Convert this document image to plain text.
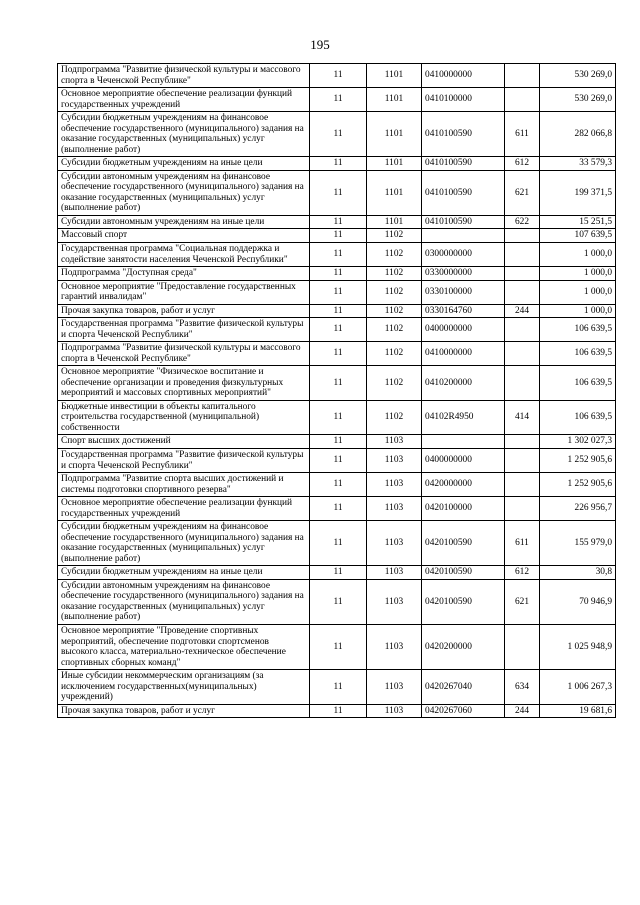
195
Подпрограмма "Развитие физической культуры и массового спорта в Чеченской Республике"	11	1101	0410000000		530 269,0
Основное мероприятие обеспечение реализации функций государственных учреждений	11	1101	0410100000		530 269,0
Субсидии бюджетным учреждениям на финансовое обеспечение государственного (муниципального) задания на оказание государственных (муниципальных) услуг (выполнение работ)	11	1101	0410100590	611	282 066,8
Субсидии бюджетным учреждениям на иные цели	11	1101	0410100590	612	33 579,3
Субсидии автономным учреждениям на финансовое обеспечение государственного (муниципального) задания на оказание государственных (муниципальных) услуг (выполнение работ)	11	1101	0410100590	621	199 371,5
Субсидии автономным учреждениям на иные цели	11	1101	0410100590	622	15 251,5
Массовый спорт	11	1102			107 639,5
Государственная программа "Социальная поддержка и содействие занятости населения Чеченской Республики"	11	1102	0300000000		1 000,0
Подпрограмма "Доступная среда"	11	1102	0330000000		1 000,0
Основное мероприятие "Предоставление государственных гарантий инвалидам"	11	1102	0330100000		1 000,0
Прочая закупка товаров, работ и услуг	11	1102	0330164760	244	1 000,0
Государственная программа "Развитие физической культуры и спорта Чеченской Республики"	11	1102	0400000000		106 639,5
Подпрограмма "Развитие физической культуры и массового спорта в Чеченской Республике"	11	1102	0410000000		106 639,5
Основное мероприятие "Физическое воспитание и обеспечение организации и проведения физкультурных мероприятий и массовых спортивных мероприятий"	11	1102	0410200000		106 639,5
Бюджетные инвестиции в объекты капитального строительства государственной (муниципальной) собственности	11	1102	04102R4950	414	106 639,5
Спорт высших достижений	11	1103			1 302 027,3
Государственная программа "Развитие физической культуры и спорта Чеченской Республики"	11	1103	0400000000		1 252 905,6
Подпрограмма "Развитие спорта высших достижений и системы подготовки спортивного резерва"	11	1103	0420000000		1 252 905,6
Основное мероприятие обеспечение реализации функций государственных учреждений	11	1103	0420100000		226 956,7
Субсидии бюджетным учреждениям на финансовое обеспечение государственного (муниципального) задания на оказание государственных (муниципальных) услуг (выполнение работ)	11	1103	0420100590	611	155 979,0
Субсидии бюджетным учреждениям на иные цели	11	1103	0420100590	612	30,8
Субсидии автономным учреждениям на финансовое обеспечение государственного (муниципального) задания на оказание государственных (муниципальных) услуг (выполнение работ)	11	1103	0420100590	621	70 946,9
Основное мероприятие "Проведение спортивных мероприятий, обеспечение подготовки спортсменов высокого класса, материально-техническое обеспечение спортивных сборных команд"	11	1103	0420200000		1 025 948,9
Иные субсидии некоммерческим организациям (за исключением государственных(муниципальных) учреждений)	11	1103	0420267040	634	1 006 267,3
Прочая закупка товаров, работ и услуг	11	1103	0420267060	244	19 681,6
